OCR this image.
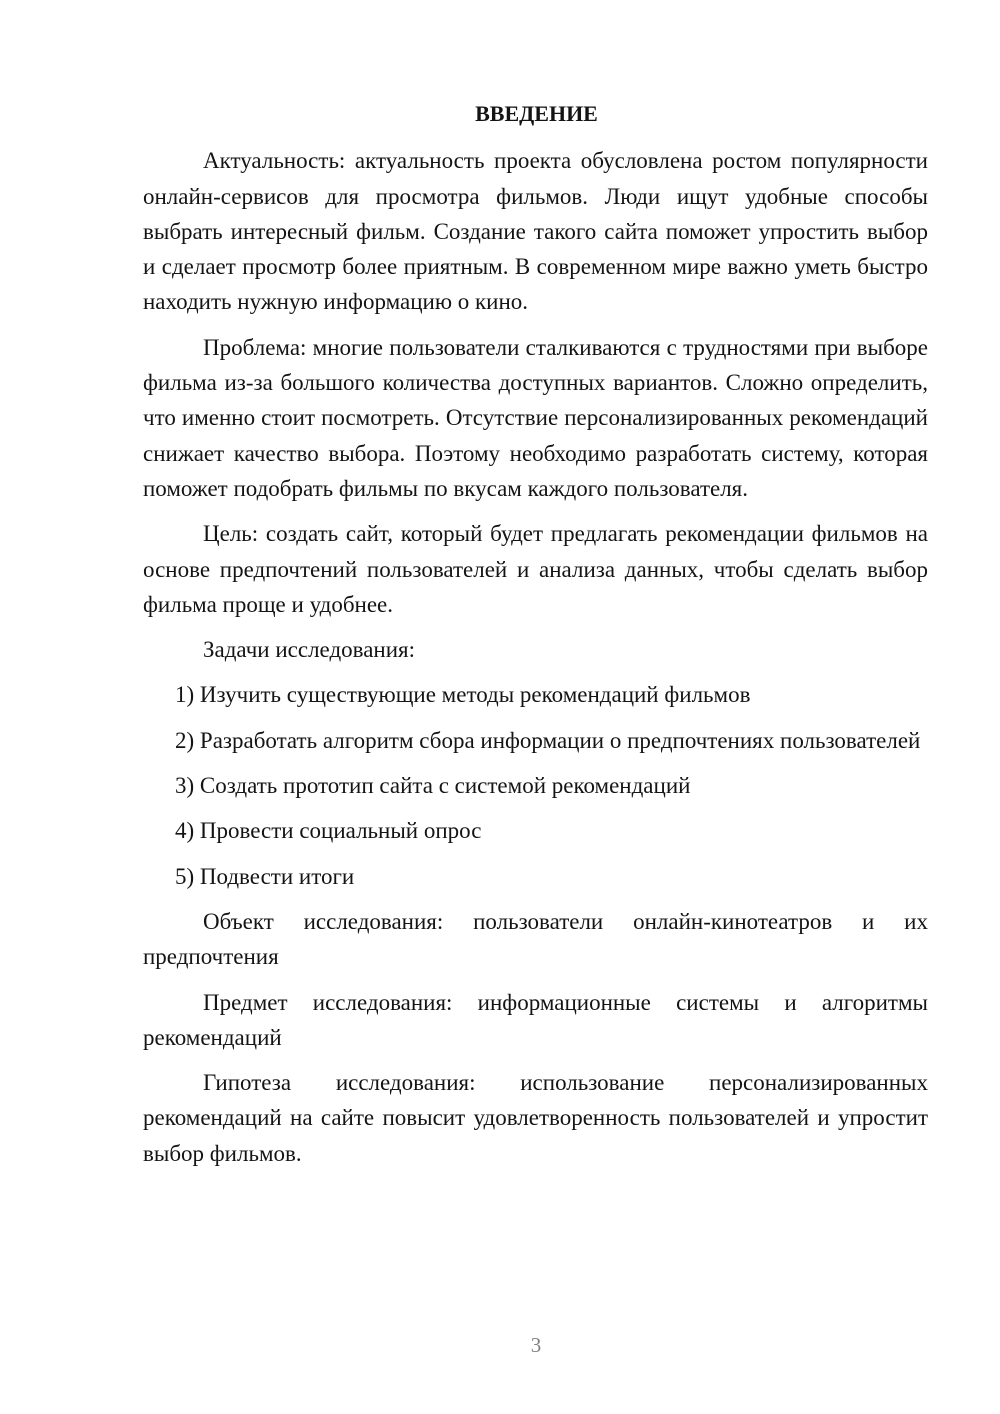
ВВЕДЕНИЕ

Актуальность: актуальность проекта обусловлена ростом популярности онлайн-сервисов для просмотра фильмов. Люди ищут удобные способы выбрать интересный фильм. Создание такого сайта поможет упростить выбор и сделает просмотр более приятным. В современном мире важно уметь быстро находить нужную информацию о кино.

Проблема: многие пользователи сталкиваются с трудностями при выборе фильма из-за большого количества доступных вариантов. Сложно определить, что именно стоит посмотреть. Отсутствие персонализированных рекомендаций снижает качество выбора. Поэтому необходимо разработать систему, которая поможет подобрать фильмы по вкусам каждого пользователя.

Цель: создать сайт, который будет предлагать рекомендации фильмов на основе предпочтений пользователей и анализа данных, чтобы сделать выбор фильма проще и удобнее.

Задачи исследования:

1) Изучить существующие методы рекомендаций фильмов

2) Разработать алгоритм сбора информации о предпочтениях пользователей

3) Создать прототип сайта с системой рекомендаций

4) Провести социальный опрос

5) Подвести итоги

Объект исследования: пользователи онлайн-кинотеатров и их предпочтения

Предмет исследования: информационные системы и алгоритмы рекомендаций

Гипотеза исследования: использование персонализированных рекомендаций на сайте повысит удовлетворенность пользователей и упростит выбор фильмов.

3
